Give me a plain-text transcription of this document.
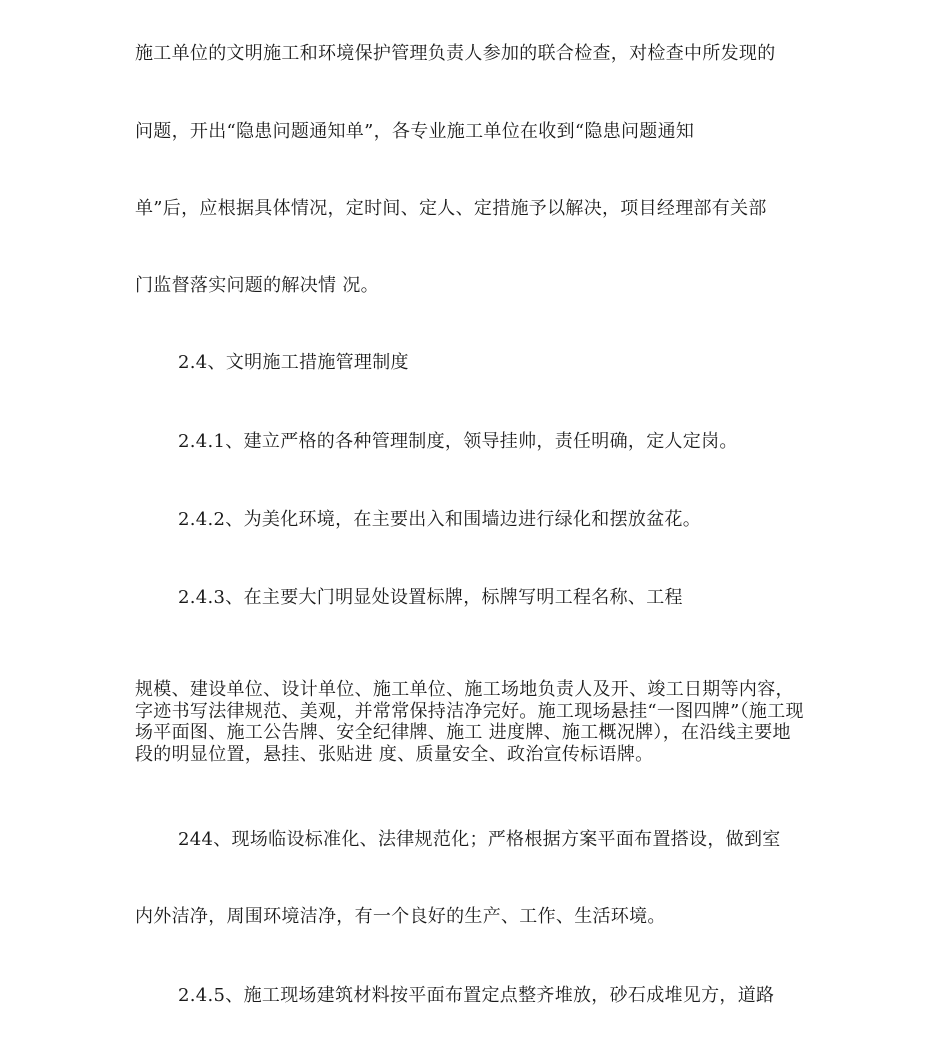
施工单位的文明施工和环境保护管理负责人参加的联合检查，对检查中所发现的
问题，开出“隐患问题通知单”，各专业施工单位在收到“隐患问题通知
单”后，应根据具体情况，定时间、定人、定措施予以解决，项目经理部有关部
门监督落实问题的解决情 况。
2.4、文明施工措施管理制度
2.4.1、建立严格的各种管理制度，领导挂帅，责任明确，定人定岗。
2.4.2、为美化环境，在主要出入和围墙边进行绿化和摆放盆花。
2.4.3、在主要大门明显处设置标牌，标牌写明工程名称、工程
规模、建设单位、设计单位、施工单位、施工场地负责人及开、竣工日期等内容，字迹书写法律规范、美观，并常常保持洁净完好。施工现场悬挂“一图四牌”（施工现场平面图、施工公告牌、安全纪律牌、施工 进度牌、施工概况牌），在沿线主要地段的明显位置，悬挂、张贴进 度、质量安全、政治宣传标语牌。
244、现场临设标准化、法律规范化；严格根据方案平面布置搭设，做到室
内外洁净，周围环境洁净，有一个良好的生产、工作、生活环境。
2.4.5、施工现场建筑材料按平面布置定点整齐堆放，砂石成堆见方，道路
